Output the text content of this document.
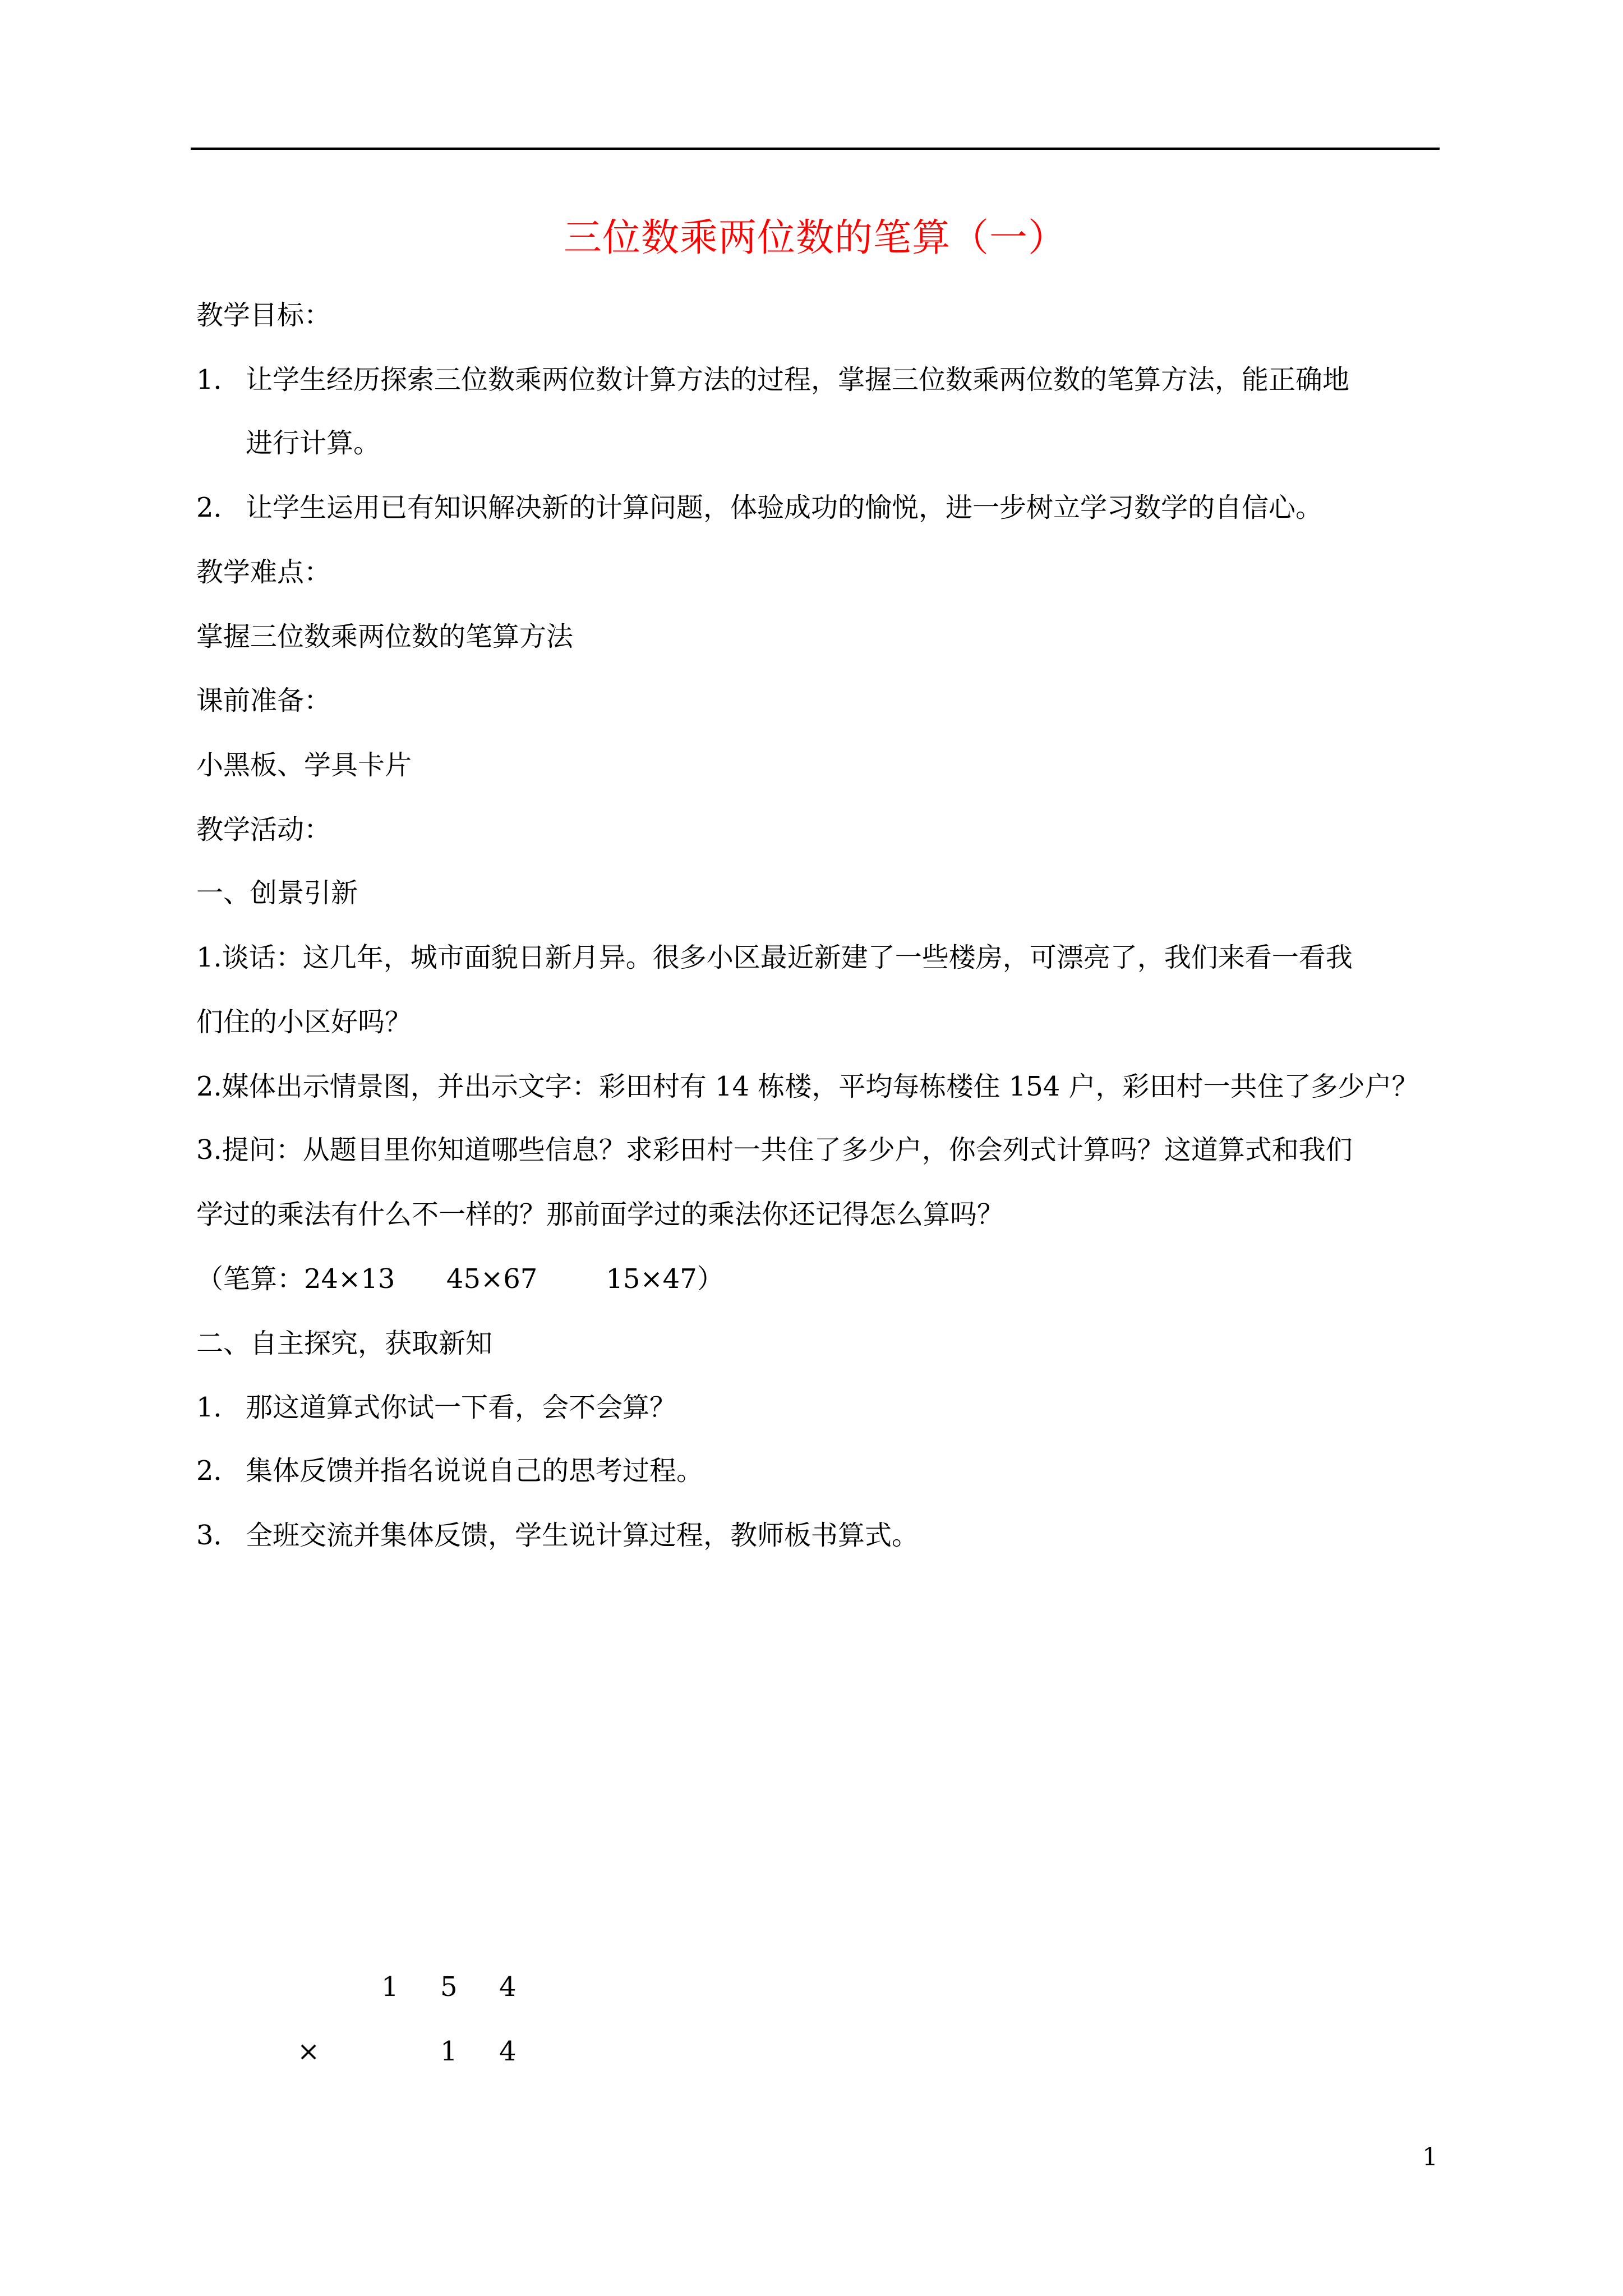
三位数乘两位数的笔算（一）
教学目标：
1． 让学生经历探索三位数乘两位数计算方法的过程，掌握三位数乘两位数的笔算方法，能正确地
进行计算。
2． 让学生运用已有知识解决新的计算问题，体验成功的愉悦，进一步树立学习数学的自信心。
教学难点：
掌握三位数乘两位数的笔算方法
课前准备：
小黑板、学具卡片
教学活动：
一、创景引新
1.谈话：这几年，城市面貌日新月异。很多小区最近新建了一些楼房，可漂亮了，我们来看一看我
们住的小区好吗？
2.媒体出示情景图，并出示文字：彩田村有 14 栋楼，平均每栋楼住 154 户，彩田村一共住了多少户？
3.提问：从题目里你知道哪些信息？求彩田村一共住了多少户，你会列式计算吗？这道算式和我们
学过的乘法有什么不一样的？那前面学过的乘法你还记得怎么算吗？
（笔算：24×13      45×67        15×47）
二、自主探究，获取新知
1． 那这道算式你试一下看，会不会算？
2． 集体反馈并指名说说自己的思考过程。
3． 全班交流并集体反馈，学生说计算过程，教师板书算式。
1 5 4
×	1 4
1
